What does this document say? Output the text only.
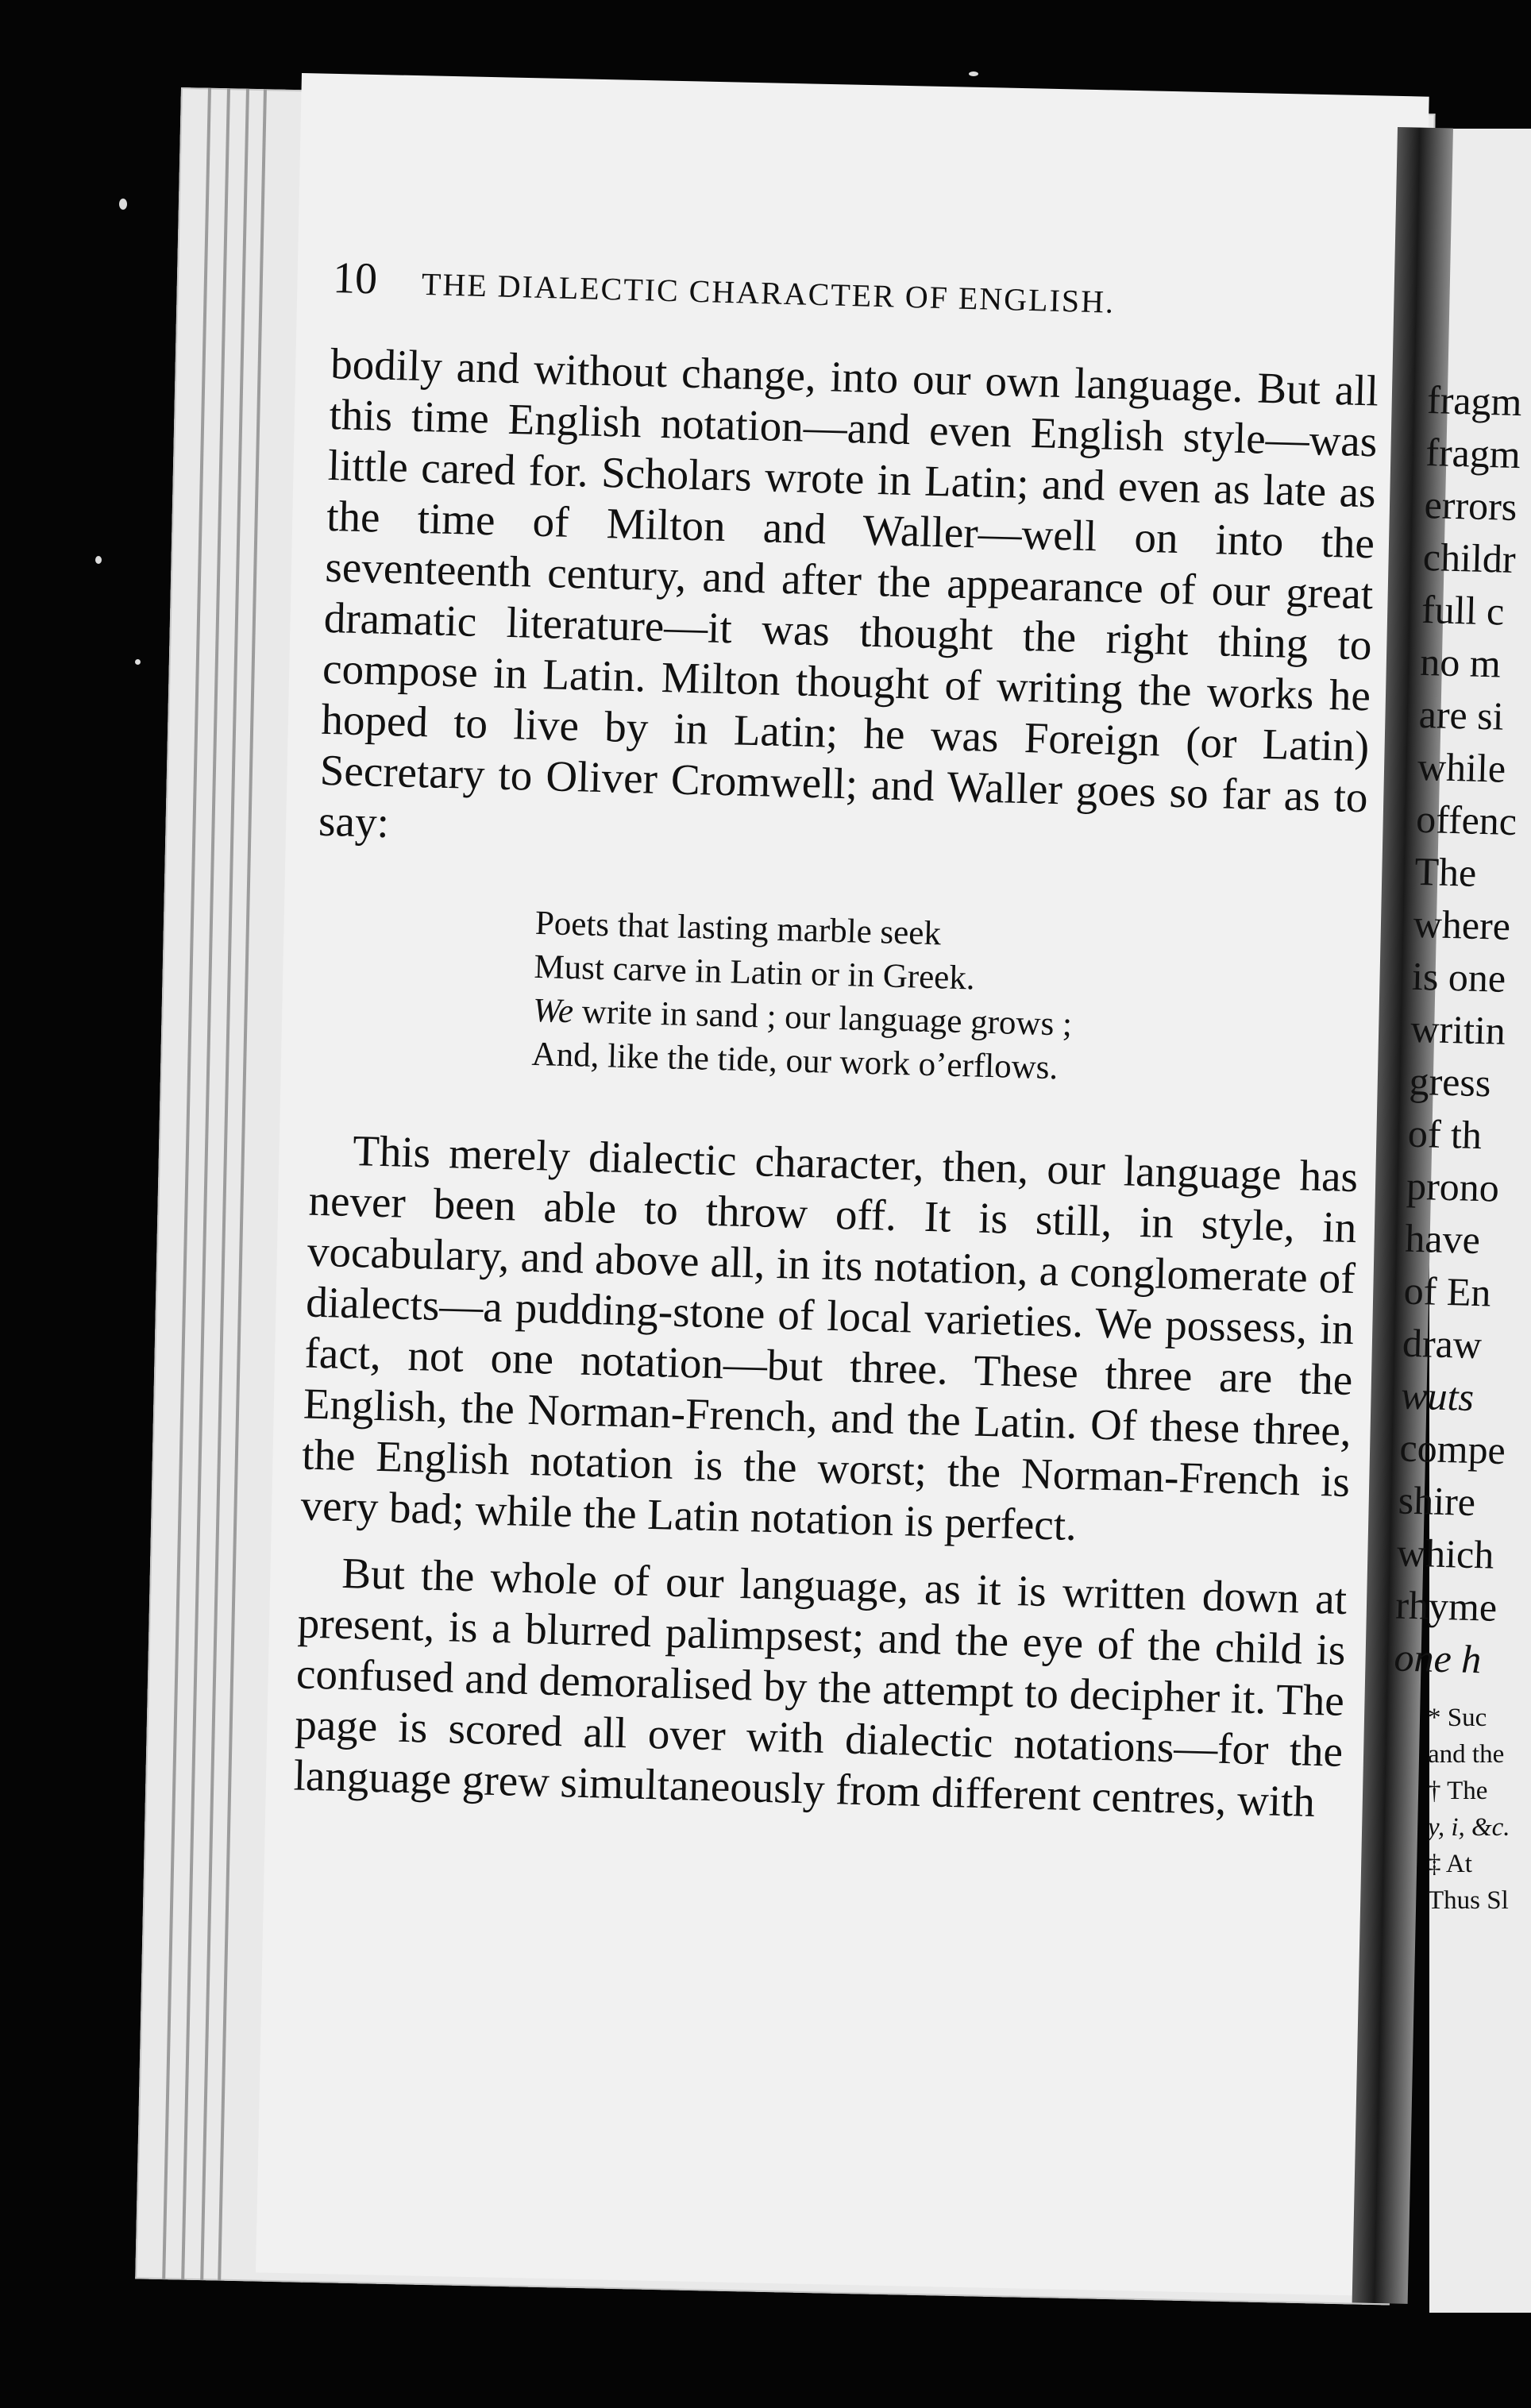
10 THE DIALECTIC CHARACTER OF ENGLISH.

bodily and without change, into our own language. But all this time English notation—and even English style—was little cared for. Scholars wrote in Latin; and even as late as the time of Milton and Waller—well on into the seventeenth century, and after the appearance of our great dramatic literature—it was thought the right thing to compose in Latin. Milton thought of writing the works he hoped to live by in Latin; he was Foreign (or Latin) Secretary to Oliver Cromwell; and Waller goes so far as to say:

Poets that lasting marble seek
Must carve in Latin or in Greek.
We write in sand ; our language grows ;
And, like the tide, our work o’erflows.

This merely dialectic character, then, our language has never been able to throw off. It is still, in style, in vocabulary, and above all, in its notation, a conglomerate of dialects—a pudding-stone of local varieties. We possess, in fact, not one notation—but three. These three are the English, the Norman-French, and the Latin. Of these three, the English notation is the worst; the Norman-French is very bad; while the Latin notation is perfect.

But the whole of our language, as it is written down at present, is a blurred palimpsest; and the eye of the child is confused and demoralised by the attempt to decipher it. The page is scored all over with dialectic notations—for the language grew simultaneously from different centres, with

fragm
fragm
errors
childr
full c
no m
are si
while
offenc
The
where
is one
writin
gress
of th
prono
have
of En
draw
wuts
compe
shire
which
rhyme
one h
* Suc
and the
† The
y, i, &c.
‡ At
Thus Sl
